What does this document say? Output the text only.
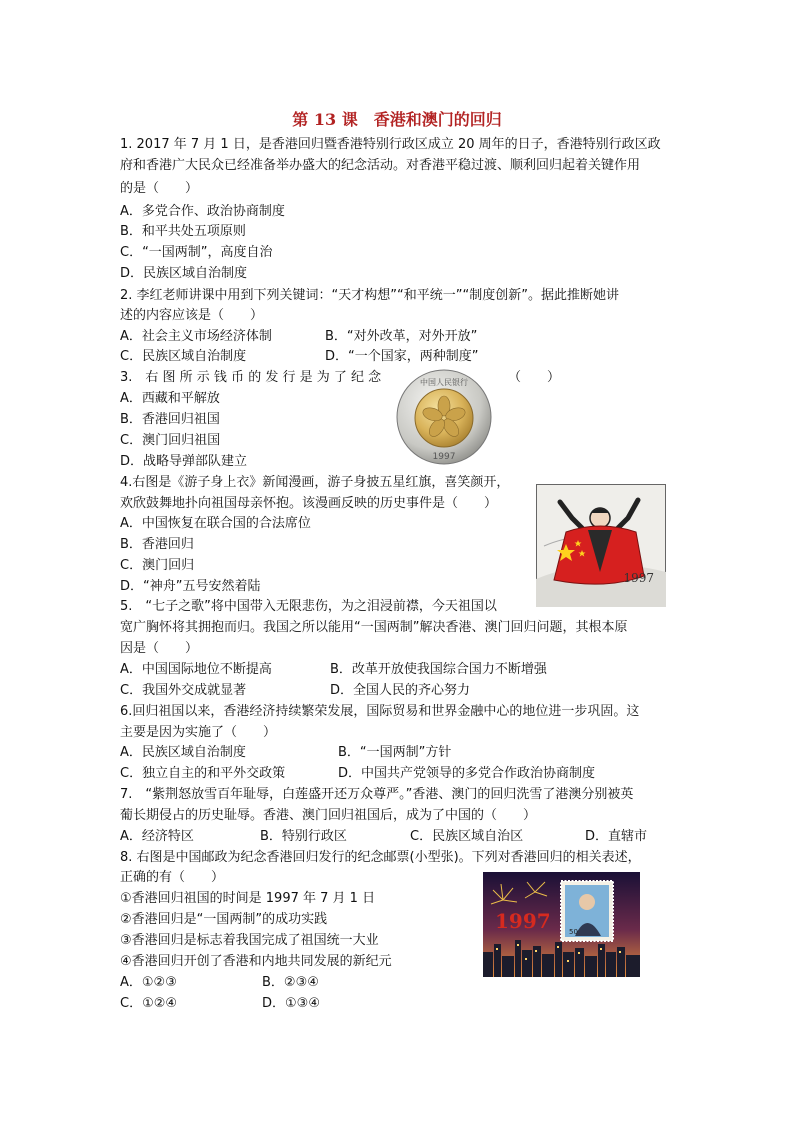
第 13 课　香港和澳门的回归
1. 2017 年 7 月 1 日，是香港回归暨香港特别行政区成立 20 周年的日子，香港特别行政区政
府和香港广大民众已经准备举办盛大的纪念活动。对香港平稳过渡、顺利回归起着关键作用
的是（　　）
A．多党合作、政治协商制度
B．和平共处五项原则
C．“一国两制”，高度自治
D．民族区域自治制度
2. 李红老师讲课中用到下列关键词：“天才构想”“和平统一”“制度创新”。据此推断她讲
述的内容应该是（　　）
A．社会主义市场经济体制	B．“对外改革，对外开放”
C．民族区域自治制度	D．“一个国家，两种制度”
3.　右 图 所 示 钱 币 的 发 行 是 为 了 纪 念	（　　）
A．西藏和平解放
B．香港回归祖国
C．澳门回归祖国
D．战略导弹部队建立
中国人民银行
1997
4.右图是《游子身上衣》新闻漫画，游子身披五星红旗，喜笑颜开，
欢欣鼓舞地扑向祖国母亲怀抱。该漫画反映的历史事件是（　　）
A．中国恢复在联合国的合法席位
B．香港回归
C．澳门回归
D．“神舟”五号安然着陆
1997
5.　“七子之歌”将中国带入无限悲伤，为之泪浸前襟，今天祖国以
宽广胸怀将其拥抱而归。我国之所以能用“一国两制”解决香港、澳门回归问题，其根本原
因是（　　）
A．中国国际地位不断提高	B．改革开放使我国综合国力不断增强
C．我国外交成就显著	D．全国人民的齐心努力
6.回归祖国以来，香港经济持续繁荣发展，国际贸易和世界金融中心的地位进一步巩固。这
主要是因为实施了（　　）
A．民族区域自治制度	B．“一国两制”方针
C．独立自主的和平外交政策	D．中国共产党领导的多党合作政治协商制度
7.　“紫荆怒放雪百年耻辱，白莲盛开还万众尊严。”香港、澳门的回归洗雪了港澳分别被英
葡长期侵占的历史耻辱。香港、澳门回归祖国后，成为了中国的（　　）
A．经济特区	B．特别行政区	C．民族区域自治区	D．直辖市
8. 右图是中国邮政为纪念香港回归发行的纪念邮票(小型张)。下列对香港回归的相关表述，
正确的有（　　）
①香港回归祖国的时间是 1997 年 7 月 1 日
②香港回归是“一国两制”的成功实践
③香港回归是标志着我国完成了祖国统一大业
④香港回归开创了香港和内地共同发展的新纪元
A．①②③	B．②③④
C．①②④	D．①③④
1997	50
